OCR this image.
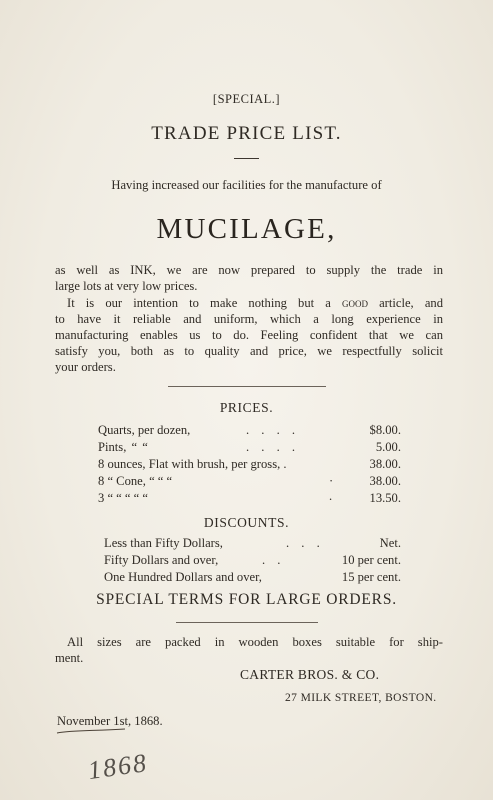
[SPECIAL.]
TRADE PRICE LIST.
Having increased our facilities for the manufacture of
MUCILAGE,
as well as INK, we are now prepared to supply the trade in
large lots at very low prices.
It is our intention to make nothing but a good article, and
to have it reliable and uniform, which a long experience in
manufacturing enables us to do. Feeling confident that we can
satisfy you, both as to quality and price, we respectfully solicit
your orders.
PRICES.
Quarts, per dozen,	. . . .	$8.00.
Pints, “ “	. . . .	5.00.
8 ounces, Flat with brush, per gross, .	38.00.
8 “ Cone, “ “ “	·	38.00.
3 “ “ “ “ “	.	13.50.
DISCOUNTS.
Less than Fifty Dollars,	. . .	Net.
Fifty Dollars and over,	. .	10 per cent.
One Hundred Dollars and over,	15 per cent.
SPECIAL TERMS FOR LARGE ORDERS.
All sizes are packed in wooden boxes suitable for ship-
ment.
CARTER BROS. & CO.
27 MILK STREET, BOSTON.
November 1st, 1868.
1868
